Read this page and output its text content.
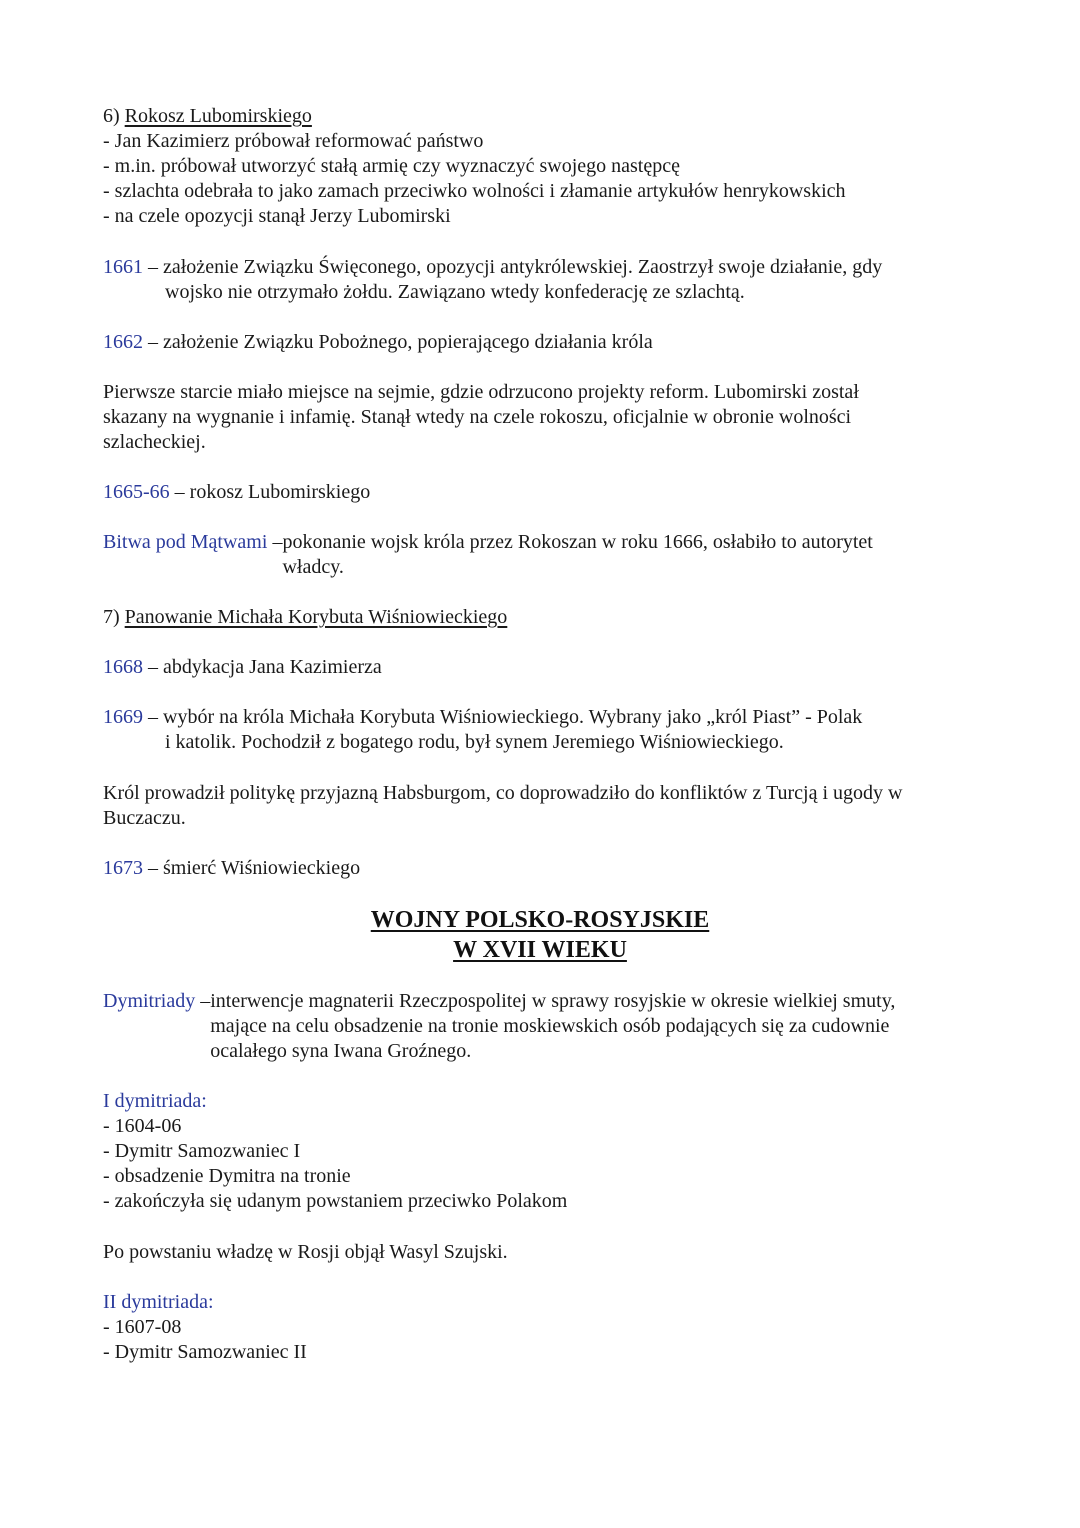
6) Rokosz Lubomirskiego
- Jan Kazimierz próbował reformować państwo
- m.in. próbował utworzyć stałą armię czy wyznaczyć swojego następcę
- szlachta odebrała to jako zamach przeciwko wolności i złamanie artykułów henrykowskich
- na czele opozycji stanął Jerzy Lubomirski
1661 – założenie Związku Święconego, opozycji antykrólewskiej. Zaostrzył swoje działanie, gdy
wojsko nie otrzymało żołdu. Zawiązano wtedy konfederację ze szlachtą.
1662 – założenie Związku Pobożnego, popierającego działania króla
Pierwsze starcie miało miejsce na sejmie, gdzie odrzucono projekty reform. Lubomirski został
skazany na wygnanie i infamię. Stanął wtedy na czele rokoszu, oficjalnie w obronie wolności
szlacheckiej.
1665-66 – rokosz Lubomirskiego
Bitwa pod Mątwami – pokonanie wojsk króla przez Rokoszan w roku 1666, osłabiło to autorytet
władcy.
7) Panowanie Michała Korybuta Wiśniowieckiego
1668 – abdykacja Jana Kazimierza
1669 – wybór na króla Michała Korybuta Wiśniowieckiego. Wybrany jako „król Piast” - Polak
i katolik. Pochodził z bogatego rodu, był synem Jeremiego Wiśniowieckiego.
Król prowadził politykę przyjazną Habsburgom, co doprowadziło do konfliktów z Turcją i ugody w
Buczaczu.
1673 – śmierć Wiśniowieckiego
WOJNY POLSKO-ROSYJSKIE
W XVII WIEKU
Dymitriady – interwencje magnaterii Rzeczpospolitej w sprawy rosyjskie w okresie wielkiej smuty,
mające na celu obsadzenie na tronie moskiewskich osób podających się za cudownie
ocalałego syna Iwana Groźnego.
I dymitriada:
- 1604-06
- Dymitr Samozwaniec I
- obsadzenie Dymitra na tronie
- zakończyła się udanym powstaniem przeciwko Polakom
Po powstaniu władzę w Rosji objął Wasyl Szujski.
II dymitriada:
- 1607-08
- Dymitr Samozwaniec II
